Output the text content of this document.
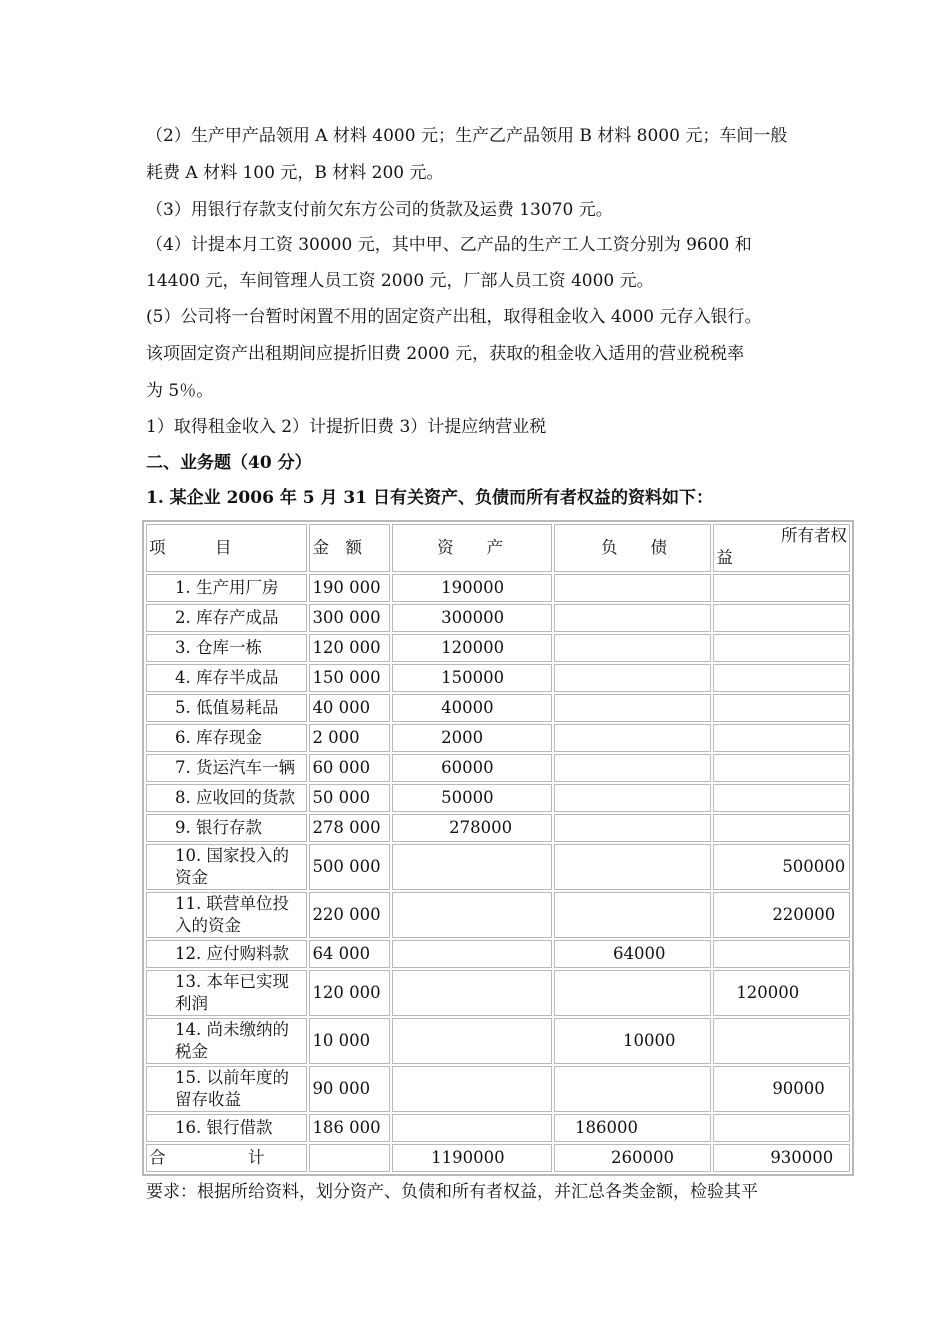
（2）生产甲产品领用 A 材料 4000 元；生产乙产品领用 B 材料 8000 元；车间一般
耗费 A 材料 100 元，B 材料 200 元。
（3）用银行存款支付前欠东方公司的货款及运费 13070 元。
（4）计提本月工资 30000 元，其中甲、乙产品的生产工人工资分别为 9600 和
14400 元，车间管理人员工资 2000 元，厂部人员工资 4000 元。
(5）公司将一台暂时闲置不用的固定资产出租，取得租金收入 4000 元存入银行。
该项固定资产出租期间应提折旧费 2000 元，获取的租金收入适用的营业税税率
为 5％。
1）取得租金收入 2）计提折旧费 3）计提应纳营业税
二、业务题（40 分）
1. 某企业 2006 年 5 月 31 日有关资产、负债而所有者权益的资料如下：
项　　　目	金　额	资　　产	负　　债	所有者权
益

1. 生产用厂房	190 000	190000		
2. 库存产成品	300 000	300000		
3. 仓库一栋	120 000	120000		
4. 库存半成品	150 000	150000		
5. 低值易耗品	40 000	40000		
6. 库存现金	2 000	2000		
7. 货运汽车一辆	60 000	60000		
8. 应收回的货款	50 000	50000		
9. 银行存款	278 000	278000		
10. 国家投入的资金	500 000			500000
11. 联营单位投入的资金	220 000			220000
12. 应付购料款	64 000		64000	
13. 本年已实现利润	120 000			120000
14. 尚未缴纳的税金	10 000		10000	
15. 以前年度的留存收益	90 000			90000
16. 银行借款	186 000		186000	
合　　　　　计		1190000	260000	930000
要求：根据所给资料，划分资产、负债和所有者权益，并汇总各类金额，检验其平
